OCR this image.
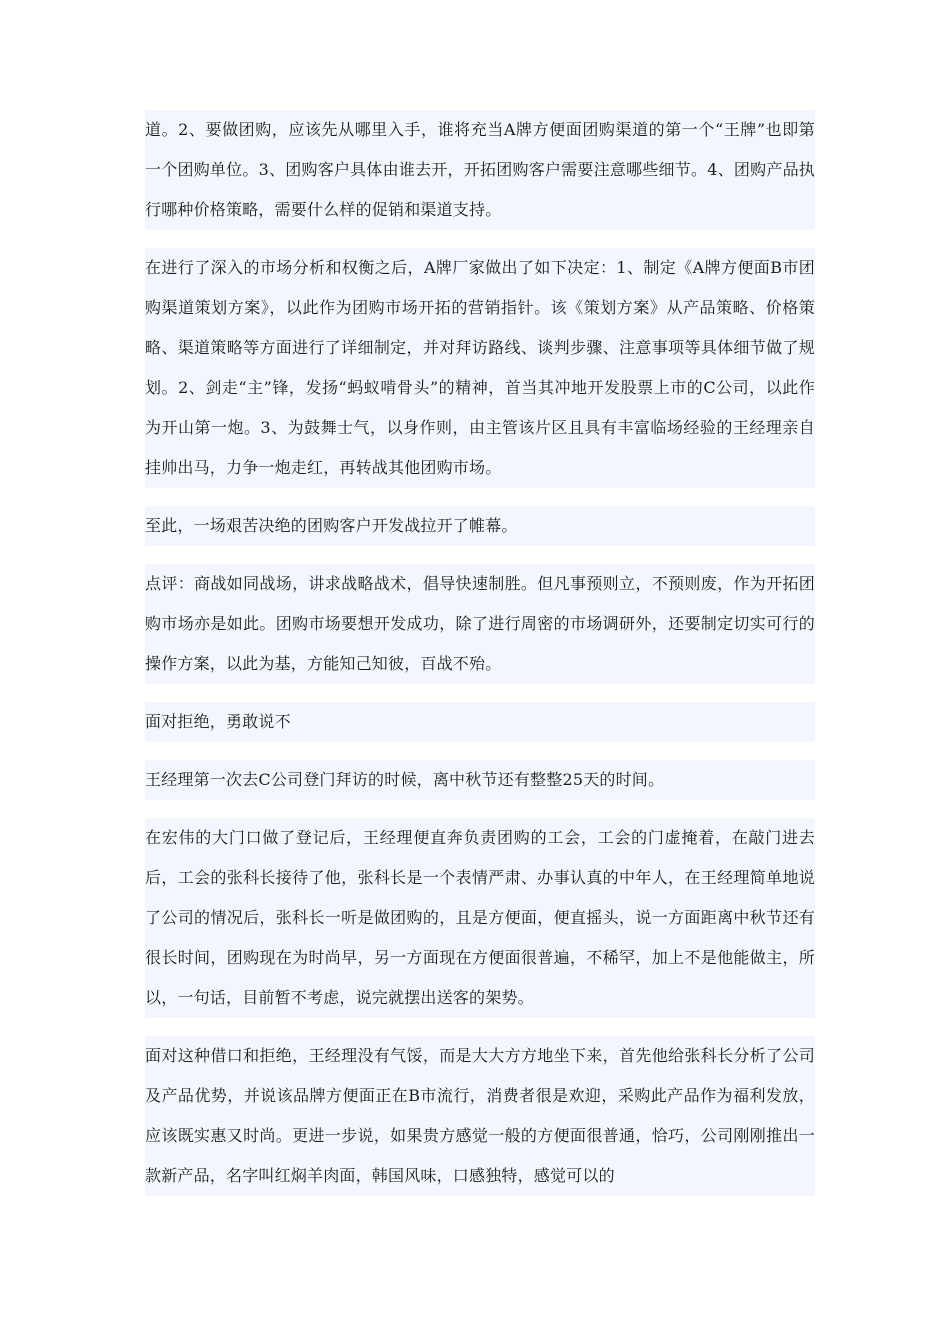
道。2、要做团购，应该先从哪里入手，谁将充当A牌方便面团购渠道的第一个“王牌”也即第一个团购单位。3、团购客户具体由谁去开，开拓团购客户需要注意哪些细节。4、团购产品执行哪种价格策略，需要什么样的促销和渠道支持。

在进行了深入的市场分析和权衡之后，A牌厂家做出了如下决定：1、制定《A牌方便面B市团购渠道策划方案》，以此作为团购市场开拓的营销指针。该《策划方案》从产品策略、价格策略、渠道策略等方面进行了详细制定，并对拜访路线、谈判步骤、注意事项等具体细节做了规划。2、剑走“主”锋，发扬“蚂蚁啃骨头”的精神，首当其冲地开发股票上市的C公司，以此作为开山第一炮。3、为鼓舞士气，以身作则，由主管该片区且具有丰富临场经验的王经理亲自挂帅出马，力争一炮走红，再转战其他团购市场。

至此，一场艰苦决绝的团购客户开发战拉开了帷幕。

点评：商战如同战场，讲求战略战术，倡导快速制胜。但凡事预则立，不预则废，作为开拓团购市场亦是如此。团购市场要想开发成功，除了进行周密的市场调研外，还要制定切实可行的操作方案，以此为基，方能知己知彼，百战不殆。

面对拒绝，勇敢说不

王经理第一次去C公司登门拜访的时候，离中秋节还有整整25天的时间。

在宏伟的大门口做了登记后，王经理便直奔负责团购的工会，工会的门虚掩着，在敲门进去后，工会的张科长接待了他，张科长是一个表情严肃、办事认真的中年人，在王经理简单地说了公司的情况后，张科长一听是做团购的，且是方便面，便直摇头，说一方面距离中秋节还有很长时间，团购现在为时尚早，另一方面现在方便面很普遍，不稀罕，加上不是他能做主，所以，一句话，目前暂不考虑，说完就摆出送客的架势。

面对这种借口和拒绝，王经理没有气馁，而是大大方方地坐下来，首先他给张科长分析了公司及产品优势，并说该品牌方便面正在B市流行，消费者很是欢迎，采购此产品作为福利发放，应该既实惠又时尚。更进一步说，如果贵方感觉一般的方便面很普通，恰巧，公司刚刚推出一款新产品，名字叫红焖羊肉面，韩国风味，口感独特，感觉可以的
